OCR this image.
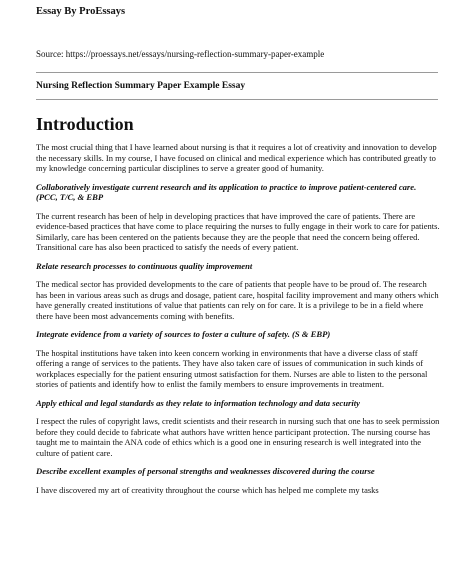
Essay By ProEssays
Source: https://proessays.net/essays/nursing-reflection-summary-paper-example
Nursing Reflection Summary Paper Example Essay
Introduction

The most crucial thing that I have learned about nursing is that it requires a lot of creativity and innovation to develop the necessary skills. In my course, I have focused on clinical and medical experience which has contributed greatly to my knowledge concerning particular disciplines to serve a greater good of humanity.

Collaboratively investigate current research and its application to practice to improve patient-centered care. (PCC, T/C, & EBP

The current research has been of help in developing practices that have improved the care of patients. There are evidence-based practices that have come to place requiring the nurses to fully engage in their work to care for patients. Similarly, care has been centered on the patients because they are the people that need the concern being offered. Transitional care has also been practiced to satisfy the needs of every patient.

Relate research processes to continuous quality improvement

The medical sector has provided developments to the care of patients that people have to be proud of. The research has been in various areas such as drugs and dosage, patient care, hospital facility improvement and many others which have generally created institutions of value that patients can rely on for care. It is a privilege to be in a field where there have been most advancements coming with benefits.

Integrate evidence from a variety of sources to foster a culture of safety. (S & EBP)

The hospital institutions have taken into keen concern working in environments that have a diverse class of staff offering a range of services to the patients. They have also taken care of issues of communication in such kinds of workplaces especially for the patient ensuring utmost satisfaction for them. Nurses are able to listen to the personal stories of patients and identify how to enlist the family members to ensure improvements in treatment.

Apply ethical and legal standards as they relate to information technology and data security

I respect the rules of copyright laws, credit scientists and their research in nursing such that one has to seek permission before they could decide to fabricate what authors have written hence participant protection. The nursing course has taught me to maintain the ANA code of ethics which is a good one in ensuring research is well integrated into the culture of patient care.

Describe excellent examples of personal strengths and weaknesses discovered during the course

I have discovered my art of creativity throughout the course which has helped me complete my tasks
